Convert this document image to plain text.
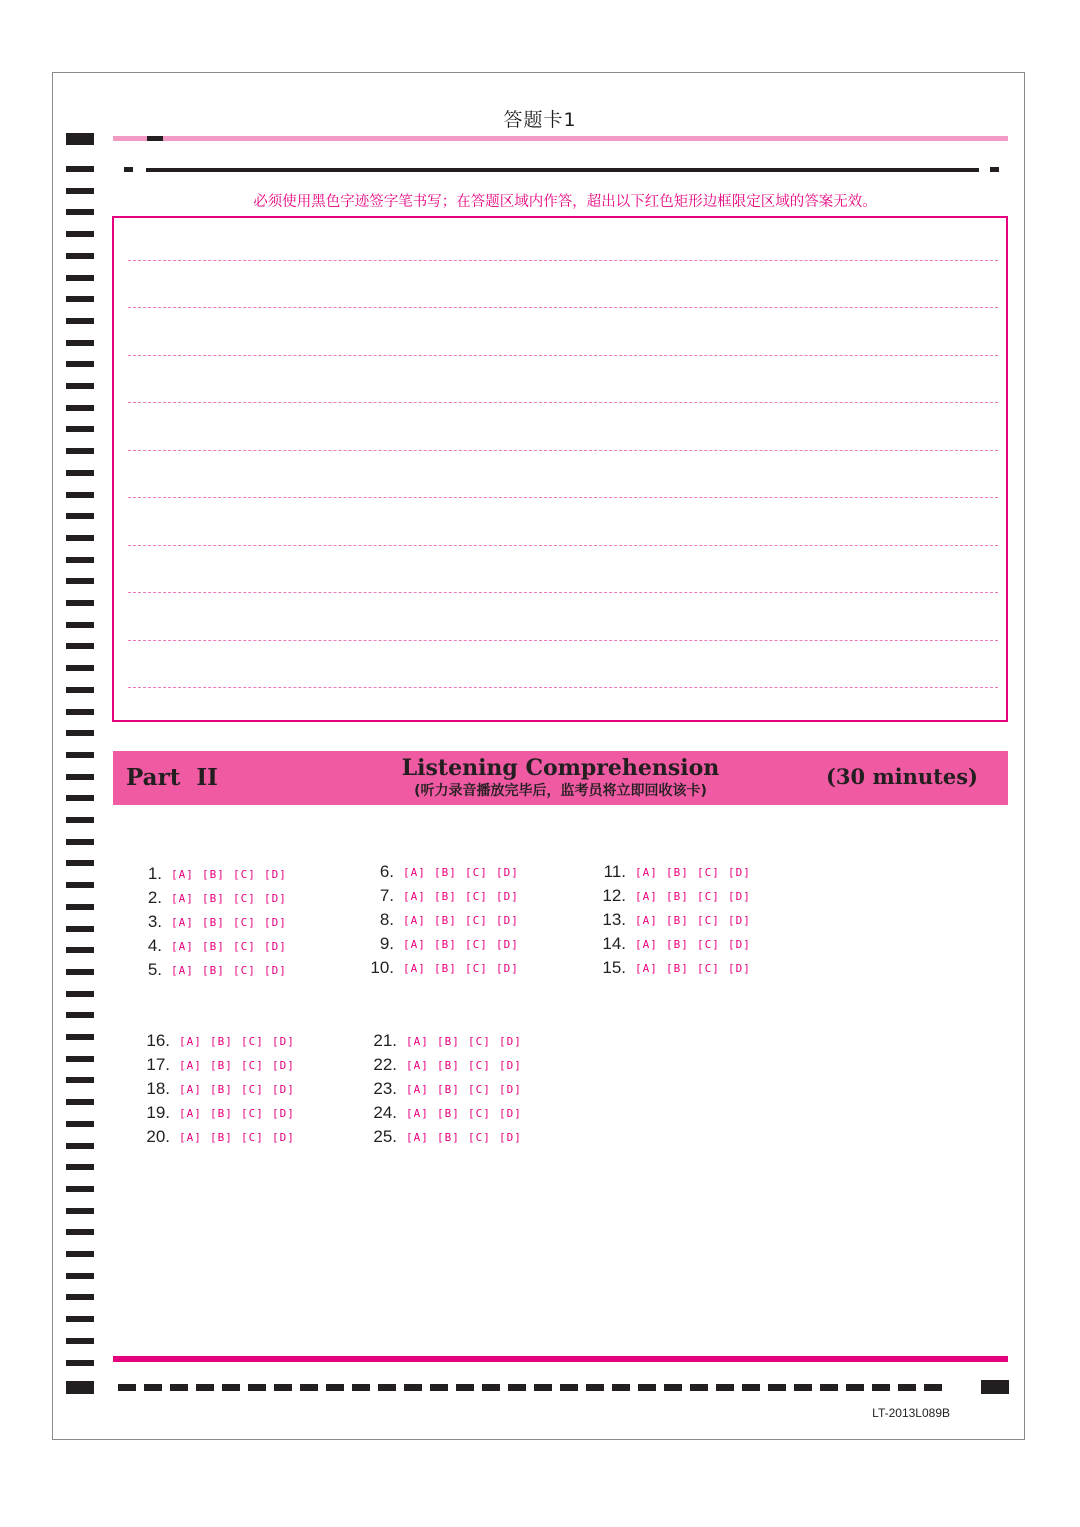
答题卡1
必须使用黑色字迹签字笔书写；在答题区域内作答，超出以下红色矩形边框限定区域的答案无效。
Part  II	Listening Comprehension
(听力录音播放完毕后，监考员将立即回收该卡)
(30 minutes)
1. [A] [B] [C] [D]
2. [A] [B] [C] [D]
3. [A] [B] [C] [D]
4. [A] [B] [C] [D]
5. [A] [B] [C] [D]
6. [A] [B] [C] [D]
7. [A] [B] [C] [D]
8. [A] [B] [C] [D]
9. [A] [B] [C] [D]
10. [A] [B] [C] [D]
11. [A] [B] [C] [D]
12. [A] [B] [C] [D]
13. [A] [B] [C] [D]
14. [A] [B] [C] [D]
15. [A] [B] [C] [D]
16. [A] [B] [C] [D]
17. [A] [B] [C] [D]
18. [A] [B] [C] [D]
19. [A] [B] [C] [D]
20. [A] [B] [C] [D]
21. [A] [B] [C] [D]
22. [A] [B] [C] [D]
23. [A] [B] [C] [D]
24. [A] [B] [C] [D]
25. [A] [B] [C] [D]
LT-2013L089B
